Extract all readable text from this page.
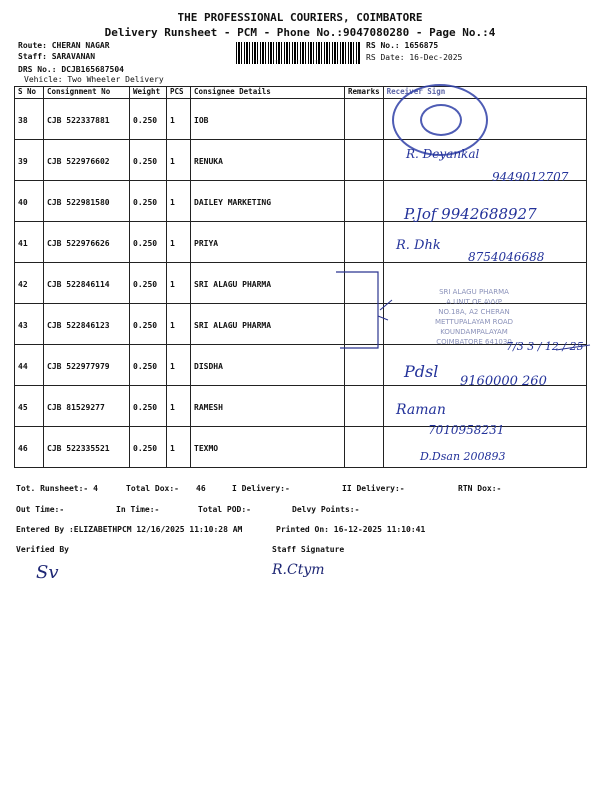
THE PROFESSIONAL COURIERS, COIMBATORE
Delivery Runsheet - PCM - Phone No.:9047080280 - Page No.:4
Route: CHERAN NAGAR
Staff: SARAVANAN
DRS No.: DCJB165687504
Vehicle: Two Wheeler Delivery
RS No.: 1656875
RS Date: 16-Dec-2025
S No	Consignment No	Weight	PCS	Consignee Details	Remarks	Receiver Sign
38	CJB 522337881	0.250	1	IOB		
39	CJB 522976602	0.250	1	RENUKA		
40	CJB 522981580	0.250	1	DAILEY MARKETING		
41	CJB 522976626	0.250	1	PRIYA		
42	CJB 522846114	0.250	1	SRI ALAGU PHARMA		
43	CJB 522846123	0.250	1	SRI ALAGU PHARMA		
44	CJB 522977979	0.250	1	DISDHA		
45	CJB 81529277	0.250	1	RAMESH		
46	CJB 522335521	0.250	1	TEXMO		
SRI ALAGU PHARMA
A UNIT OF AVVP
NO.18A, A2 CHERAN
METTUPALAYAM ROAD
KOUNDAMPALAYAM
COIMBATORE 641030
R. Deyankal
9449012707
P.Jof 9942688927
R. Dhk
8754046688
7/3 3 / 12 / 25
Pdsl
9160000 260
Raman
7010958231
D.Dsan 200893
Tot. Runsheet:- 4	Total Dox:- 46	I Delivery:-	II Delivery:-	RTN Dox:-
Out Time:-	In Time:-	Total POD:-	Delvy Points:-
Entered By :ELIZABETHPCM 12/16/2025 11:10:28 AM	Printed On: 16-12-2025 11:10:41
Verified By	Staff Signature
Sv	R.Ctym
